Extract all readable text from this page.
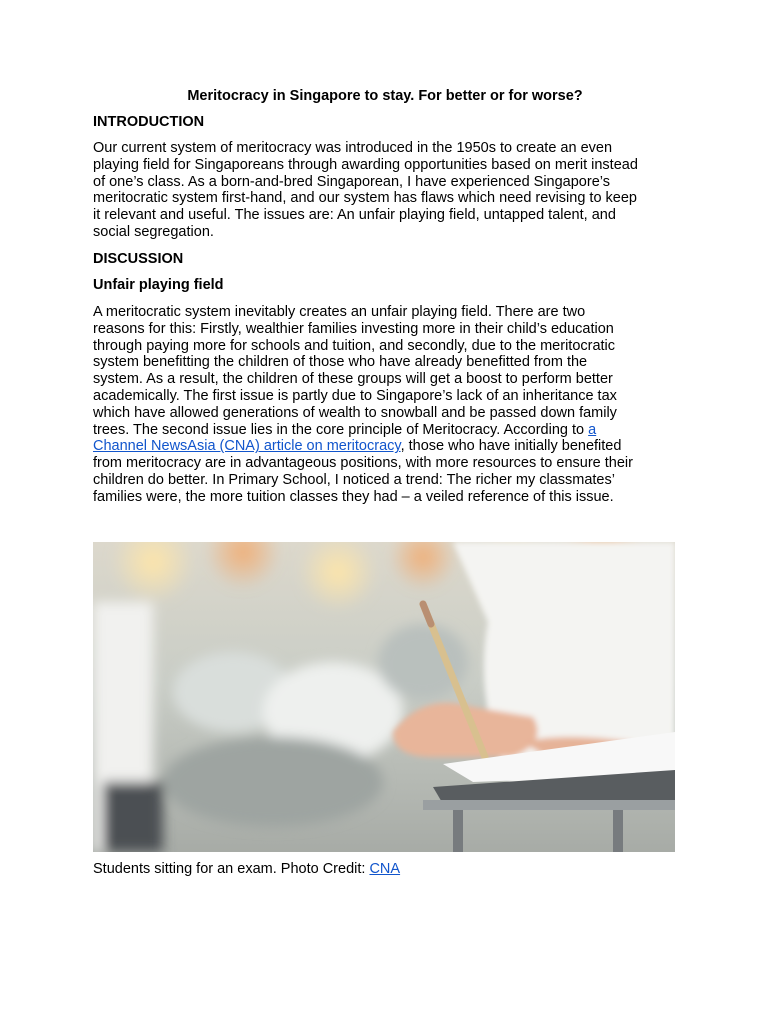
Meritocracy in Singapore to stay. For better or for worse?
INTRODUCTION
Our current system of meritocracy was introduced in the 1950s to create an even
playing field for Singaporeans through awarding opportunities based on merit instead
of one’s class. As a born-and-bred Singaporean, I have experienced Singapore’s
meritocratic system first-hand, and our system has flaws which need revising to keep
it relevant and useful. The issues are: An unfair playing field, untapped talent, and
social segregation.
DISCUSSION
Unfair playing field
A meritocratic system inevitably creates an unfair playing field. There are two
reasons for this: Firstly, wealthier families investing more in their child’s education
through paying more for schools and tuition, and secondly, due to the meritocratic
system benefitting the children of those who have already benefitted from the
system. As a result, the children of these groups will get a boost to perform better
academically. The first issue is partly due to Singapore’s lack of an inheritance tax
which have allowed generations of wealth to snowball and be passed down family
trees. The second issue lies in the core principle of Meritocracy. According to a
Channel NewsAsia (CNA) article on meritocracy, those who have initially benefited
from meritocracy are in advantageous positions, with more resources to ensure their
children do better. In Primary School, I noticed a trend: The richer my classmates’
families were, the more tuition classes they had – a veiled reference of this issue.
Students sitting for an exam. Photo Credit: CNA
